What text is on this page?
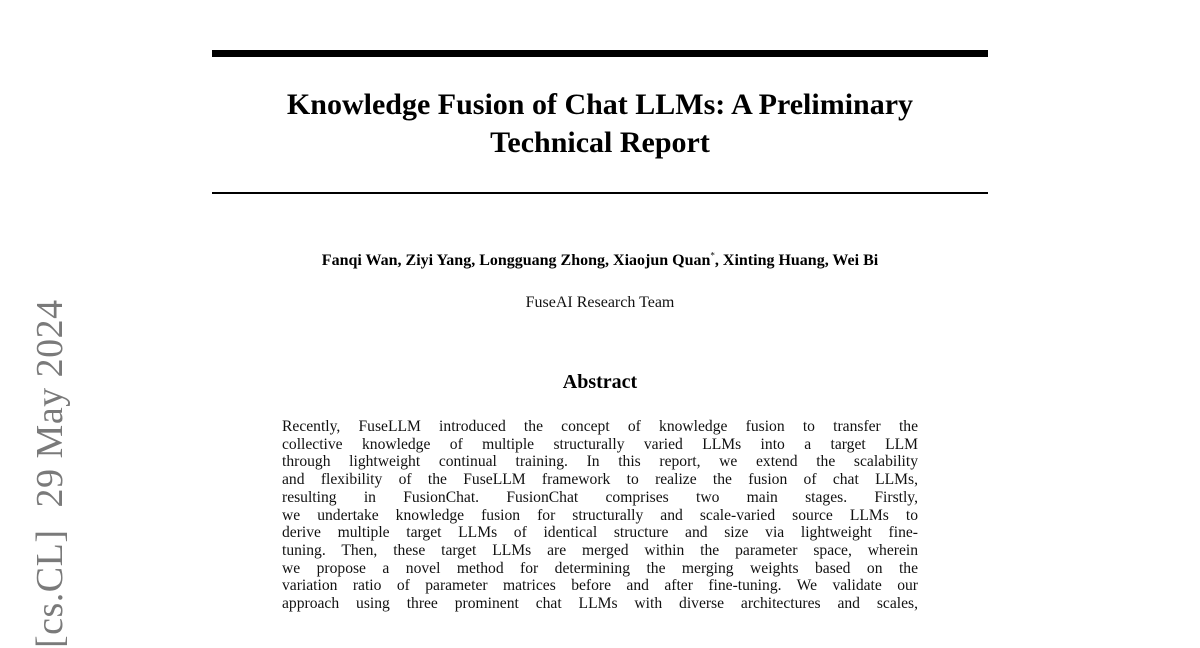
[cs.CL]29 May 2024
Knowledge Fusion of Chat LLMs: A Preliminary
Technical Report
Fanqi Wan, Ziyi Yang, Longguang Zhong, Xiaojun Quan*, Xinting Huang, Wei Bi
FuseAI Research Team
Abstract
Recently, FuseLLM introduced the concept of knowledge fusion to transfer the
collective knowledge of multiple structurally varied LLMs into a target LLM
through lightweight continual training. In this report, we extend the scalability
and flexibility of the FuseLLM framework to realize the fusion of chat LLMs,
resulting in FusionChat. FusionChat comprises two main stages. Firstly,
we undertake knowledge fusion for structurally and scale-varied source LLMs to
derive multiple target LLMs of identical structure and size via lightweight fine-
tuning. Then, these target LLMs are merged within the parameter space, wherein
we propose a novel method for determining the merging weights based on the
variation ratio of parameter matrices before and after fine-tuning. We validate our
approach using three prominent chat LLMs with diverse architectures and scales,
